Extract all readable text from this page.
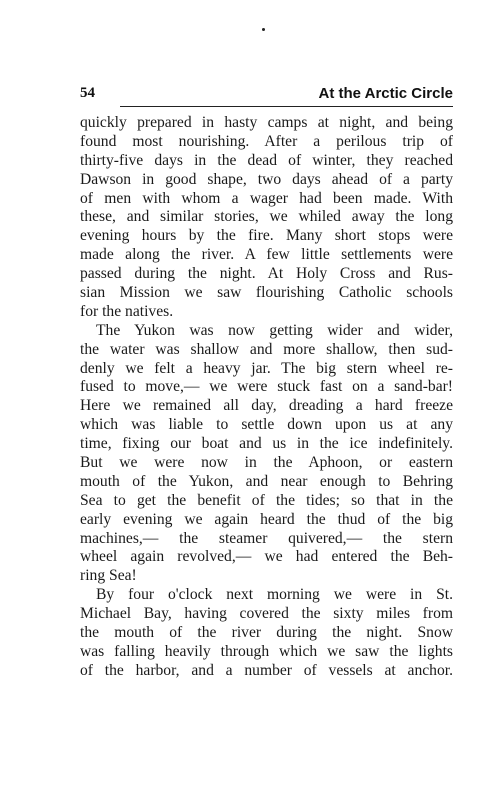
54	At the Arctic Circle
quickly prepared in hasty camps at night, and being
found most nourishing. After a perilous trip of
thirty-five days in the dead of winter, they reached
Dawson in good shape, two days ahead of a party
of men with whom a wager had been made. With
these, and similar stories, we whiled away the long
evening hours by the fire. Many short stops were
made along the river. A few little settlements were
passed during the night. At Holy Cross and Rus-
sian Mission we saw flourishing Catholic schools
for the natives.
The Yukon was now getting wider and wider,
the water was shallow and more shallow, then sud-
denly we felt a heavy jar. The big stern wheel re-
fused to move,— we were stuck fast on a sand-bar!
Here we remained all day, dreading a hard freeze
which was liable to settle down upon us at any
time, fixing our boat and us in the ice indefinitely.
But we were now in the Aphoon, or eastern
mouth of the Yukon, and near enough to Behring
Sea to get the benefit of the tides; so that in the
early evening we again heard the thud of the big
machines,— the steamer quivered,— the stern
wheel again revolved,— we had entered the Beh-
ring Sea!
By four o'clock next morning we were in St.
Michael Bay, having covered the sixty miles from
the mouth of the river during the night. Snow
was falling heavily through which we saw the lights
of the harbor, and a number of vessels at anchor.
